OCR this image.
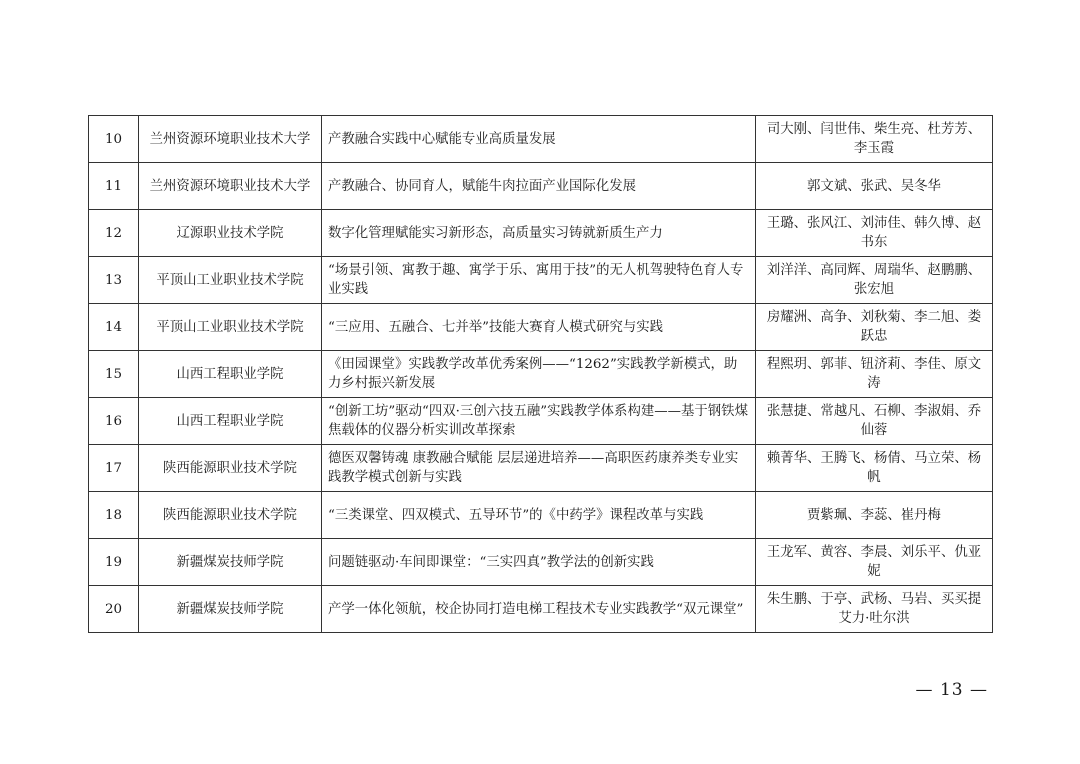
10	兰州资源环境职业技术大学	产教融合实践中心赋能专业高质量发展	司大刚、闫世伟、柴生亮、杜芳芳、李玉霞
11	兰州资源环境职业技术大学	产教融合、协同育人，赋能牛肉拉面产业国际化发展	郭文斌、张武、吴冬华
12	辽源职业技术学院	数字化管理赋能实习新形态，高质量实习铸就新质生产力	王璐、张风江、刘沛佳、韩久博、赵书东
13	平顶山工业职业技术学院	“场景引领、寓教于趣、寓学于乐、寓用于技”的无人机驾驶特色育人专业实践	刘洋洋、高同辉、周瑞华、赵鹏鹏、张宏旭
14	平顶山工业职业技术学院	“三应用、五融合、七并举”技能大赛育人模式研究与实践	房耀洲、高争、刘秋菊、李二旭、娄跃忠
15	山西工程职业学院	《田园课堂》实践教学改革优秀案例——“1262”实践教学新模式，助力乡村振兴新发展	程熙玥、郭菲、钮济莉、李佳、原文涛
16	山西工程职业学院	“创新工坊”驱动“四双·三创六技五融”实践教学体系构建——基于钢铁煤焦载体的仪器分析实训改革探索	张慧捷、常越凡、石柳、李淑娟、乔仙蓉
17	陕西能源职业技术学院	德医双馨铸魂 康教融合赋能 层层递进培养——高职医药康养类专业实践教学模式创新与实践	赖菁华、王腾飞、杨倩、马立荣、杨帆
18	陕西能源职业技术学院	“三类课堂、四双模式、五导环节”的《中药学》课程改革与实践	贾紫珮、李蕊、崔丹梅
19	新疆煤炭技师学院	问题链驱动·车间即课堂：“三实四真”教学法的创新实践	王龙军、黄容、李晨、刘乐平、仇亚妮
20	新疆煤炭技师学院	产学一体化领航，校企协同打造电梯工程技术专业实践教学“双元课堂”	朱生鹏、于亭、武杨、马岩、买买提艾力·吐尔洪
— 13 —
